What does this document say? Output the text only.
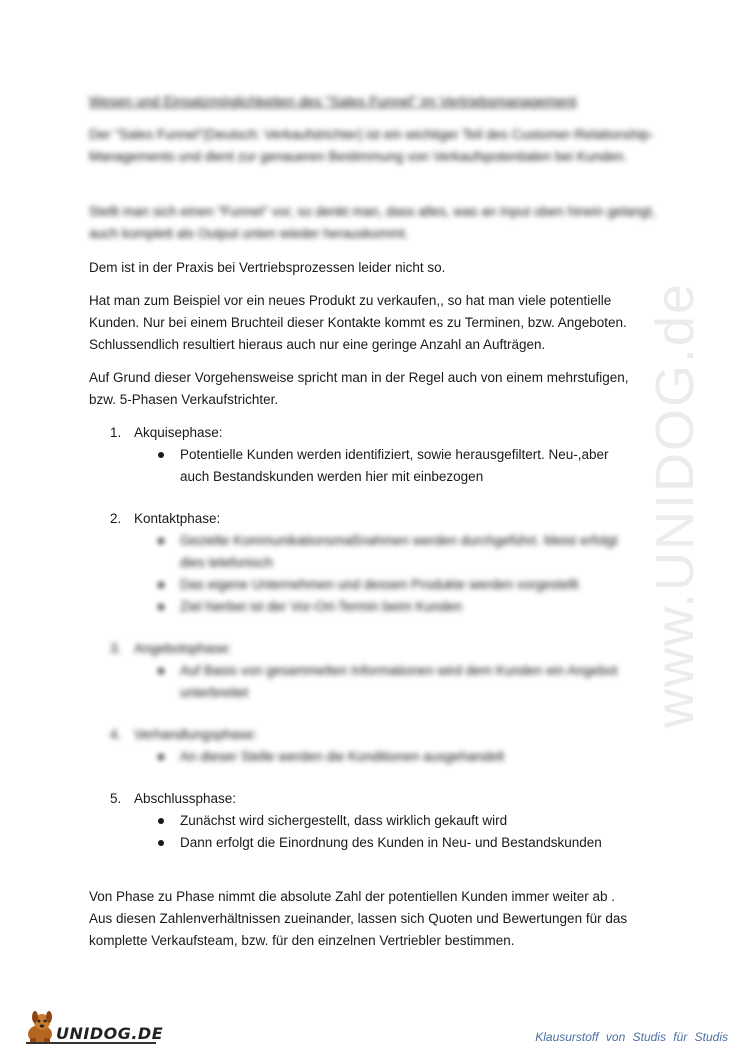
Wesen und Einsatzmöglichkeiten des "Sales Funnel" im Vertriebsmanagement

Der "Sales Funnel"(Deutsch: Verkaufstrichter) ist ein wichtiger Teil des Customer-Relationship-Managements und dient zur genaueren Bestimmung von Verkaufspotentialen bei Kunden.

Stellt man sich einen "Funnel" vor, so denkt man, dass alles, was an Input oben hinein gelangt, auch komplett als Output unten wieder herauskommt.

Dem ist in der Praxis bei Vertriebsprozessen leider nicht so.

Hat man zum Beispiel vor ein neues Produkt zu verkaufen,, so hat man viele potentielle
Kunden. Nur bei einem Bruchteil dieser Kontakte kommt es zu Terminen, bzw. Angeboten.
Schlussendlich resultiert hieraus auch nur eine geringe Anzahl an Aufträgen.
Auf Grund dieser Vorgehensweise spricht man in der Regel auch von einem mehrstufigen,
bzw. 5-Phasen Verkaufstrichter.
1. Akquisephase:
Potentielle Kunden werden identifiziert, sowie herausgefiltert. Neu-,aber
auch Bestandskunden werden hier mit einbezogen
2. Kontaktphase:
Gezielte Kommunikationsmaßnahmen werden durchgeführt. Meist erfolgt
dies telefonisch
Das eigene Unternehmen und dessen Produkte werden vorgestellt
Ziel hierbei ist der Vor-Ort-Termin beim Kunden
3. Angebotsphase:
Auf Basis von gesammelten Informationen wird dem Kunden ein Angebot
unterbreitet
4. Verhandlungsphase:
An dieser Stelle werden die Konditionen ausgehandelt
5. Abschlussphase:
Zunächst wird sichergestellt, dass wirklich gekauft wird
Dann erfolgt die Einordnung des Kunden in Neu- und Bestandskunden
Von Phase zu Phase nimmt die absolute Zahl der potentiellen Kunden immer weiter ab .
Aus diesen Zahlenverhältnissen zueinander, lassen sich Quoten und Bewertungen für das
komplette Verkaufsteam, bzw. für den einzelnen Vertriebler bestimmen.
www.UNIDOG.de
UNIDOG.DE	Klausurstoff von Studis für Studis
